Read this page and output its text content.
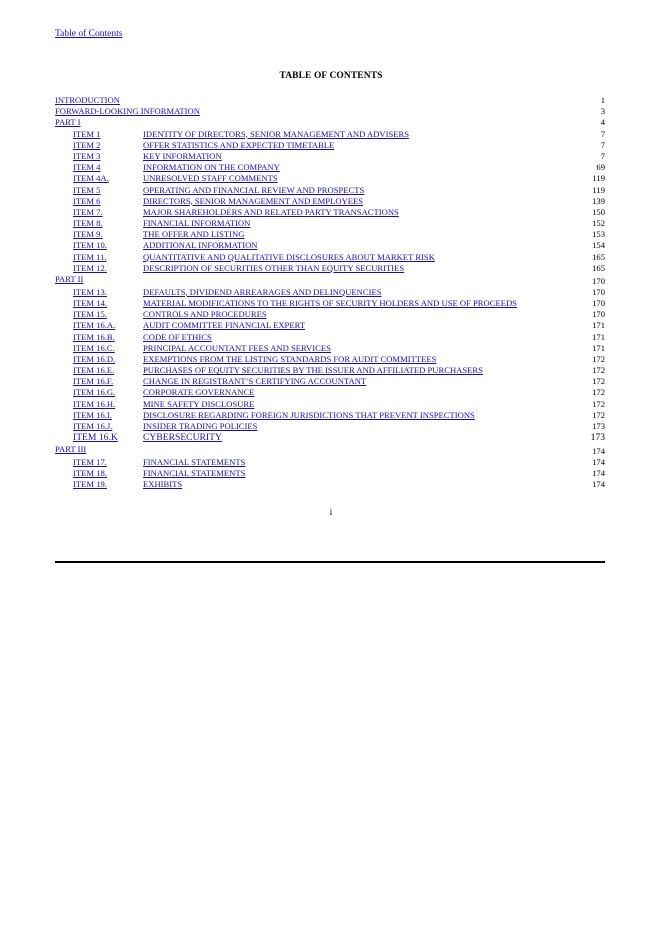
Table of Contents
TABLE OF CONTENTS
INTRODUCTION	1
FORWARD-LOOKING INFORMATION	3
PART I	4
ITEM 1	IDENTITY OF DIRECTORS, SENIOR MANAGEMENT AND ADVISERS	7
ITEM 2	OFFER STATISTICS AND EXPECTED TIMETABLE	7
ITEM 3	KEY INFORMATION	7
ITEM 4	INFORMATION ON THE COMPANY	69
ITEM 4A.	UNRESOLVED STAFF COMMENTS	119
ITEM 5	OPERATING AND FINANCIAL REVIEW AND PROSPECTS	119
ITEM 6	DIRECTORS, SENIOR MANAGEMENT AND EMPLOYEES	139
ITEM 7.	MAJOR SHAREHOLDERS AND RELATED PARTY TRANSACTIONS	150
ITEM 8.	FINANCIAL INFORMATION	152
ITEM 9.	THE OFFER AND LISTING	153
ITEM 10.	ADDITIONAL INFORMATION	154
ITEM 11.	QUANTITATIVE AND QUALITATIVE DISCLOSURES ABOUT MARKET RISK	165
ITEM 12.	DESCRIPTION OF SECURITIES OTHER THAN EQUITY SECURITIES	165
PART II	170
ITEM 13.	DEFAULTS, DIVIDEND ARREARAGES AND DELINQUENCIES	170
ITEM 14.	MATERIAL MODIFICATIONS TO THE RIGHTS OF SECURITY HOLDERS AND USE OF PROCEEDS	170
ITEM 15.	CONTROLS AND PROCEDURES	170
ITEM 16.A.	AUDIT COMMITTEE FINANCIAL EXPERT	171
ITEM 16.B.	CODE OF ETHICS	171
ITEM 16.C.	PRINCIPAL ACCOUNTANT FEES AND SERVICES	171
ITEM 16.D.	EXEMPTIONS FROM THE LISTING STANDARDS FOR AUDIT COMMITTEES	172
ITEM 16.E.	PURCHASES OF EQUITY SECURITIES BY THE ISSUER AND AFFILIATED PURCHASERS	172
ITEM 16.F.	CHANGE IN REGISTRANT’S CERTIFYING ACCOUNTANT	172
ITEM 16.G.	CORPORATE GOVERNANCE	172
ITEM 16.H.	MINE SAFETY DISCLOSURE	172
ITEM 16.I.	DISCLOSURE REGARDING FOREIGN JURISDICTIONS THAT PREVENT INSPECTIONS	172
ITEM 16.J.	INSIDER TRADING POLICIES	173
ITEM 16.K	CYBERSECURITY	173
PART III	174
ITEM 17.	FINANCIAL STATEMENTS	174
ITEM 18.	FINANCIAL STATEMENTS	174
ITEM 19.	EXHIBITS	174
i
